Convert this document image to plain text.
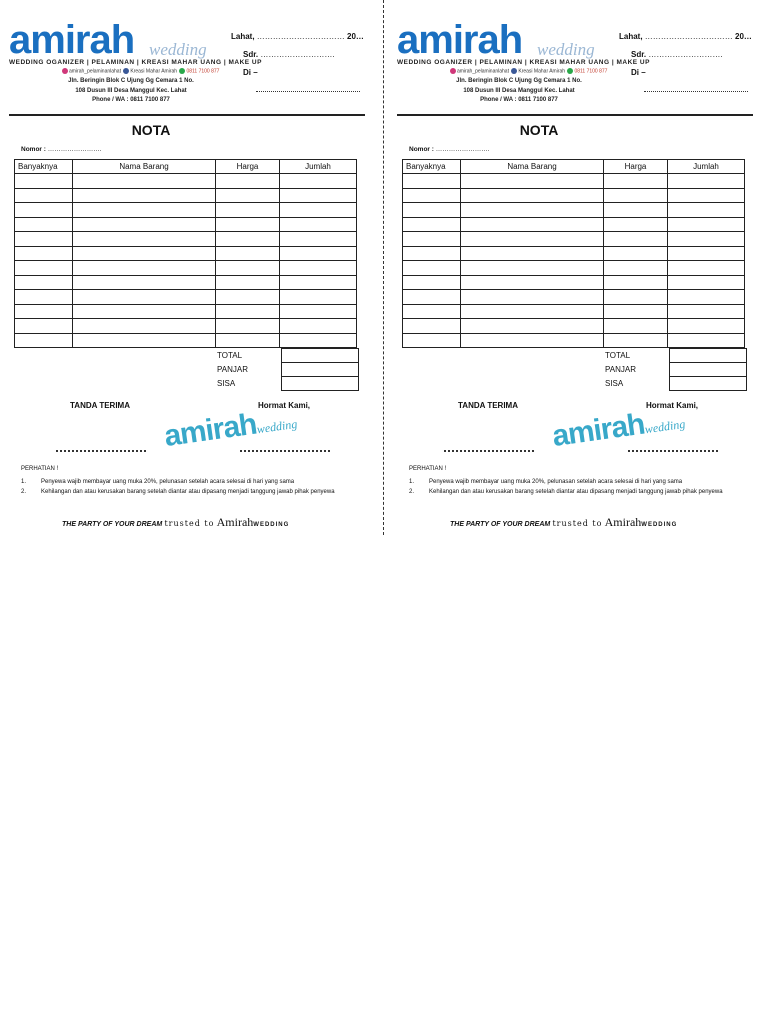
amirah wedding
WEDDING OGANIZER | PELAMINAN | KREASI MAHAR UANG | MAKE UP
amirah_pelaminanlahat Kreasi Mahar Amirah 0811 7100 877
Jln. Beringin Blok C Ujung Gg Cemara 1 No.
108 Dusun III Desa Manggul Kec. Lahat
Phone / WA : 0811 7100 877
Lahat, …………………………… 20…
Sdr. ……………………….
Di –
NOTA
Nomor : …………………….
Banyaknya	Nama Barang	Harga	Jumlah

TOTAL	
PANJAR	
SISA	
TANDA TERIMA	Hormat Kami,
amirahwedding
PERHATIAN !
1. Penyewa wajib membayar uang muka 20%, pelunasan setelah acara selesai di hari yang sama
2. Kehilangan dan atau kerusakan barang setelah diantar atau dipasang menjadi tanggung jawab pihak penyewa
THE PARTY OF YOUR DREAM trusted to AmirahWEDDING
amirah wedding
WEDDING OGANIZER | PELAMINAN | KREASI MAHAR UANG | MAKE UP
amirah_pelaminanlahat Kreasi Mahar Amirah 0811 7100 877
Jln. Beringin Blok C Ujung Gg Cemara 1 No.
108 Dusun III Desa Manggul Kec. Lahat
Phone / WA : 0811 7100 877
Lahat, …………………………… 20…
Sdr. ……………………….
Di –
NOTA
Nomor : …………………….
Banyaknya	Nama Barang	Harga	Jumlah

TOTAL	
PANJAR	
SISA	
TANDA TERIMA	Hormat Kami,
amirahwedding
PERHATIAN !
1. Penyewa wajib membayar uang muka 20%, pelunasan setelah acara selesai di hari yang sama
2. Kehilangan dan atau kerusakan barang setelah diantar atau dipasang menjadi tanggung jawab pihak penyewa
THE PARTY OF YOUR DREAM trusted to AmirahWEDDING
